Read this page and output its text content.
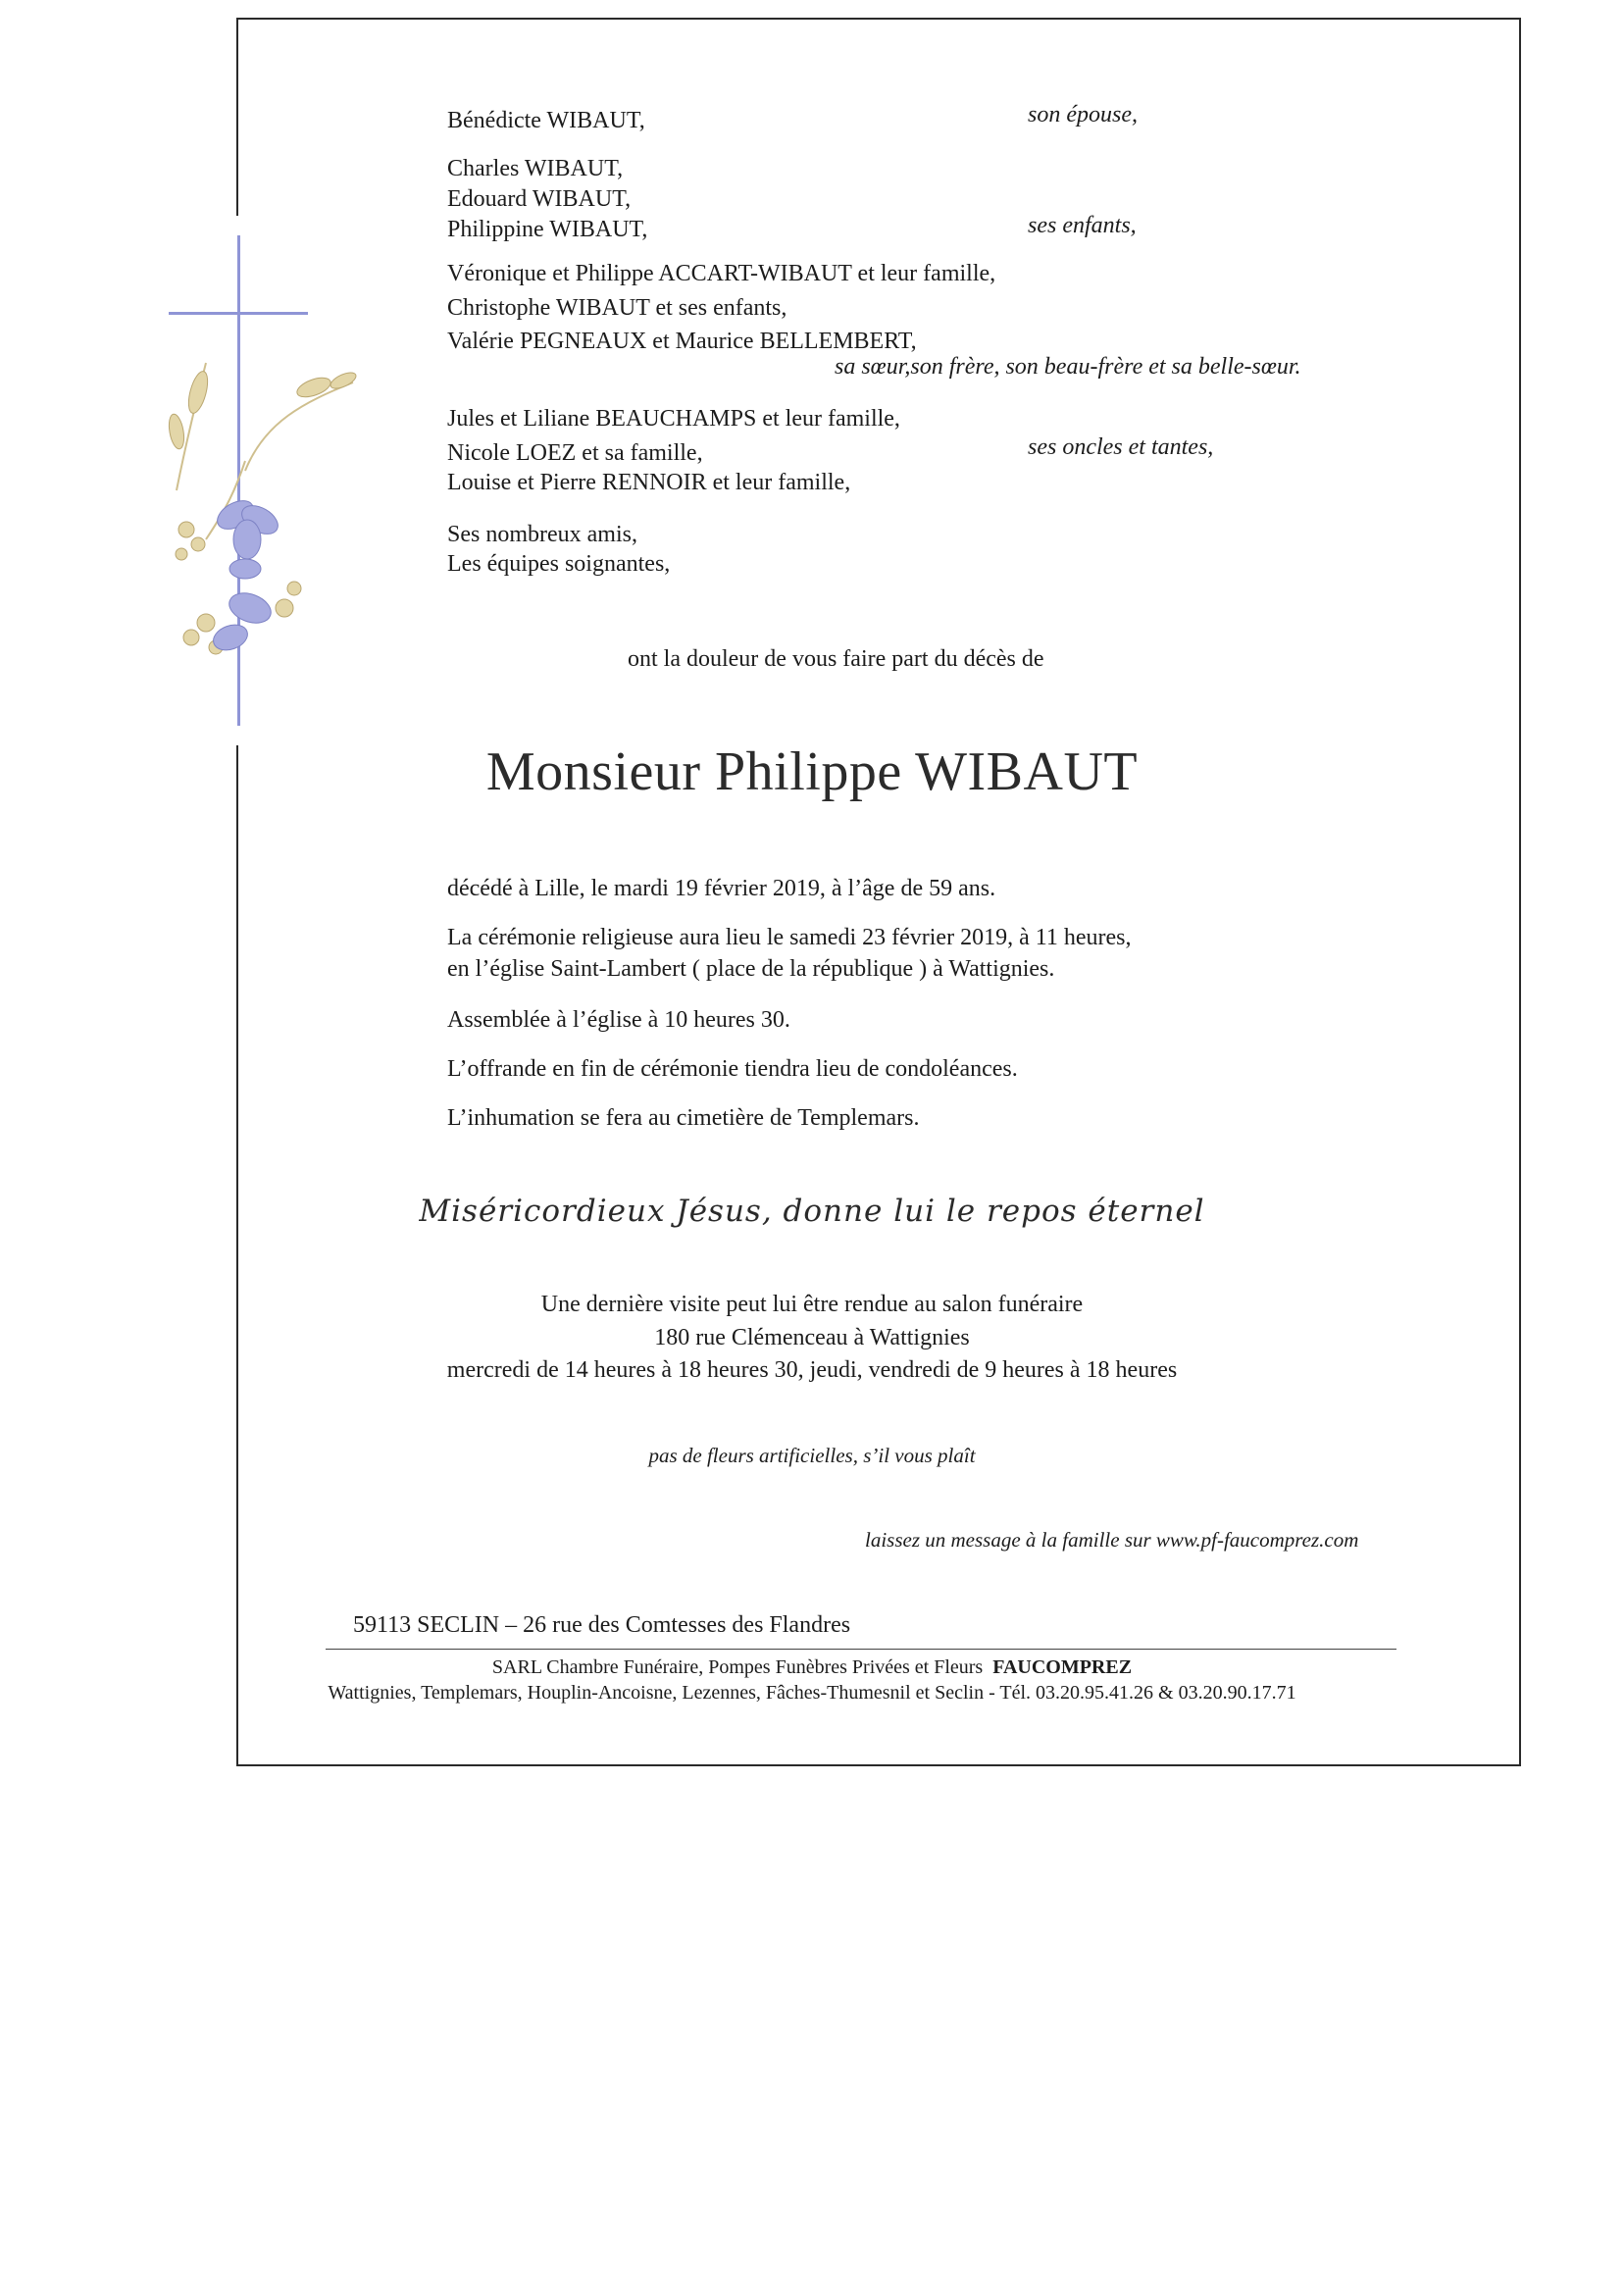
Bénédicte WIBAUT,	son épouse,
Charles WIBAUT,
Edouard WIBAUT,
Philippine WIBAUT,	ses enfants,
Véronique et Philippe ACCART-WIBAUT et leur famille,
Christophe WIBAUT et ses enfants,
Valérie PEGNEAUX et Maurice BELLEMBERT,
sa sœur,son frère, son beau-frère et sa belle-sœur.
Jules et Liliane BEAUCHAMPS et leur famille,
Nicole LOEZ et sa famille,	ses oncles et tantes,
Louise et Pierre RENNOIR et leur famille,
Ses nombreux amis,
Les équipes soignantes,
ont la douleur de vous faire part du décès de
Monsieur Philippe WIBAUT
décédé à Lille, le mardi 19 février 2019, à l’âge de 59 ans.
La cérémonie religieuse aura lieu le samedi 23 février 2019, à 11 heures,
en l’église Saint-Lambert ( place de la république ) à Wattignies.
Assemblée à l’église à 10 heures 30.
L’offrande en fin de cérémonie tiendra lieu de condoléances.
L’inhumation se fera au cimetière de Templemars.
Miséricordieux Jésus, donne lui le repos éternel
Une dernière visite peut lui être rendue au salon funéraire
180 rue Clémenceau à Wattignies
mercredi de 14 heures à 18 heures 30, jeudi, vendredi de 9 heures à 18 heures
pas de fleurs artificielles, s’il vous plaît
laissez un message à la famille sur www.pf-faucomprez.com
59113 SECLIN – 26 rue des Comtesses des Flandres
SARL Chambre Funéraire, Pompes Funèbres Privées et Fleurs FAUCOMPREZ
Wattignies, Templemars, Houplin-Ancoisne, Lezennes, Fâches-Thumesnil et Seclin - Tél. 03.20.95.41.26 & 03.20.90.17.71
